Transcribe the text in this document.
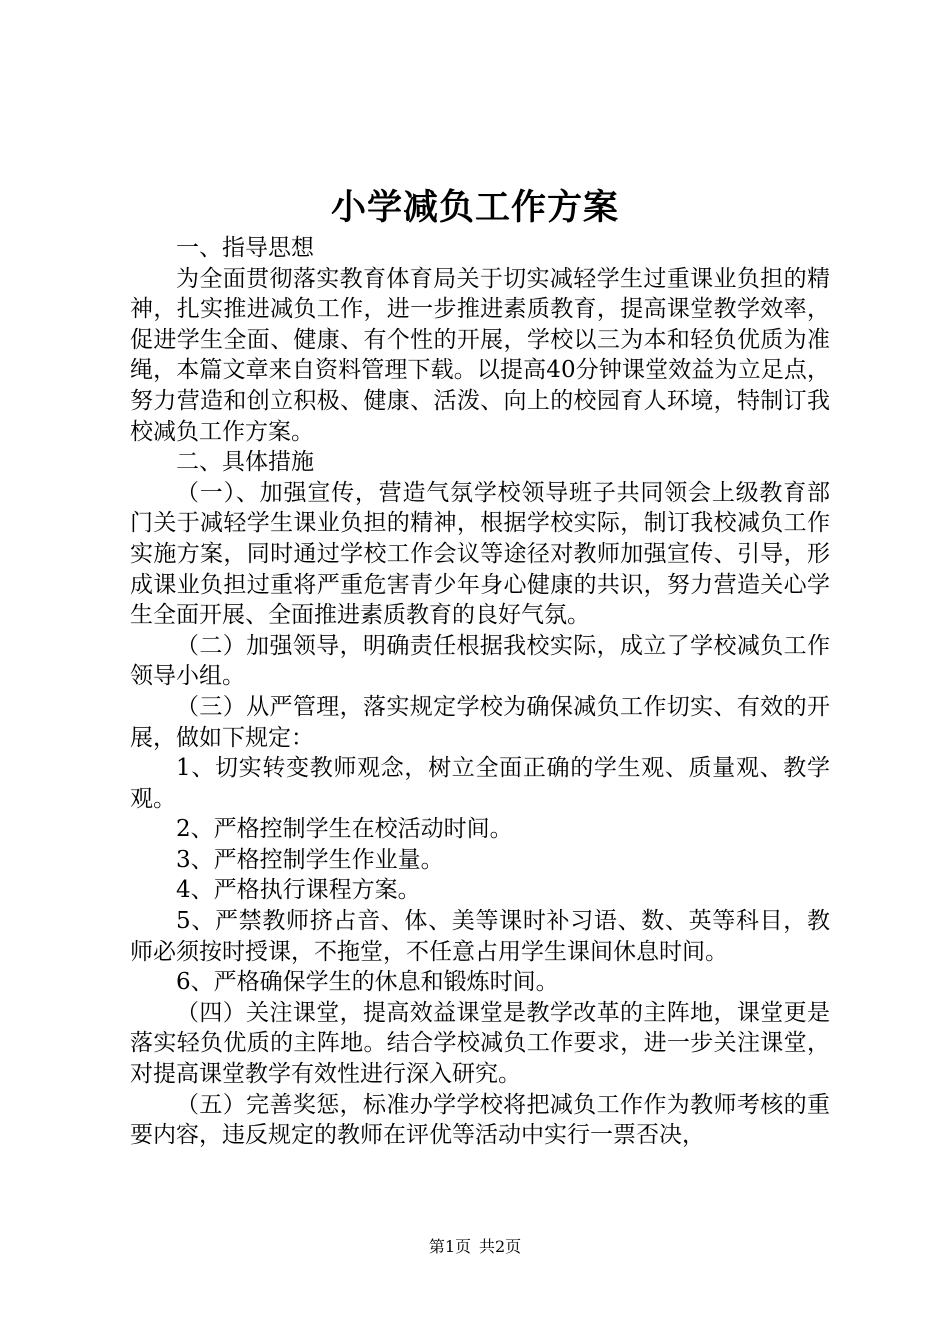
小学减负工作方案

一、指导思想

为全面贯彻落实教育体育局关于切实减轻学生过重课业负担的精神，扎实推进减负工作，进一步推进素质教育，提高课堂教学效率，促进学生全面、健康、有个性的开展，学校以三为本和轻负优质为准绳，本篇文章来自资料管理下载。以提高40分钟课堂效益为立足点，努力营造和创立积极、健康、活泼、向上的校园育人环境，特制订我校减负工作方案。

二、具体措施

（一）、加强宣传，营造气氛学校领导班子共同领会上级教育部门关于减轻学生课业负担的精神，根据学校实际，制订我校减负工作实施方案，同时通过学校工作会议等途径对教师加强宣传、引导，形成课业负担过重将严重危害青少年身心健康的共识，努力营造关心学生全面开展、全面推进素质教育的良好气氛。

（二）加强领导，明确责任根据我校实际，成立了学校减负工作领导小组。

（三）从严管理，落实规定学校为确保减负工作切实、有效的开展，做如下规定：

1、切实转变教师观念，树立全面正确的学生观、质量观、教学观。

2、严格控制学生在校活动时间。

3、严格控制学生作业量。

4、严格执行课程方案。

5、严禁教师挤占音、体、美等课时补习语、数、英等科目，教师必须按时授课，不拖堂，不任意占用学生课间休息时间。

6、严格确保学生的休息和锻炼时间。

（四）关注课堂，提高效益课堂是教学改革的主阵地，课堂更是落实轻负优质的主阵地。结合学校减负工作要求，进一步关注课堂，对提高课堂教学有效性进行深入研究。

（五）完善奖惩，标准办学学校将把减负工作作为教师考核的重要内容，违反规定的教师在评优等活动中实行一票否决，

第1页 共2页
